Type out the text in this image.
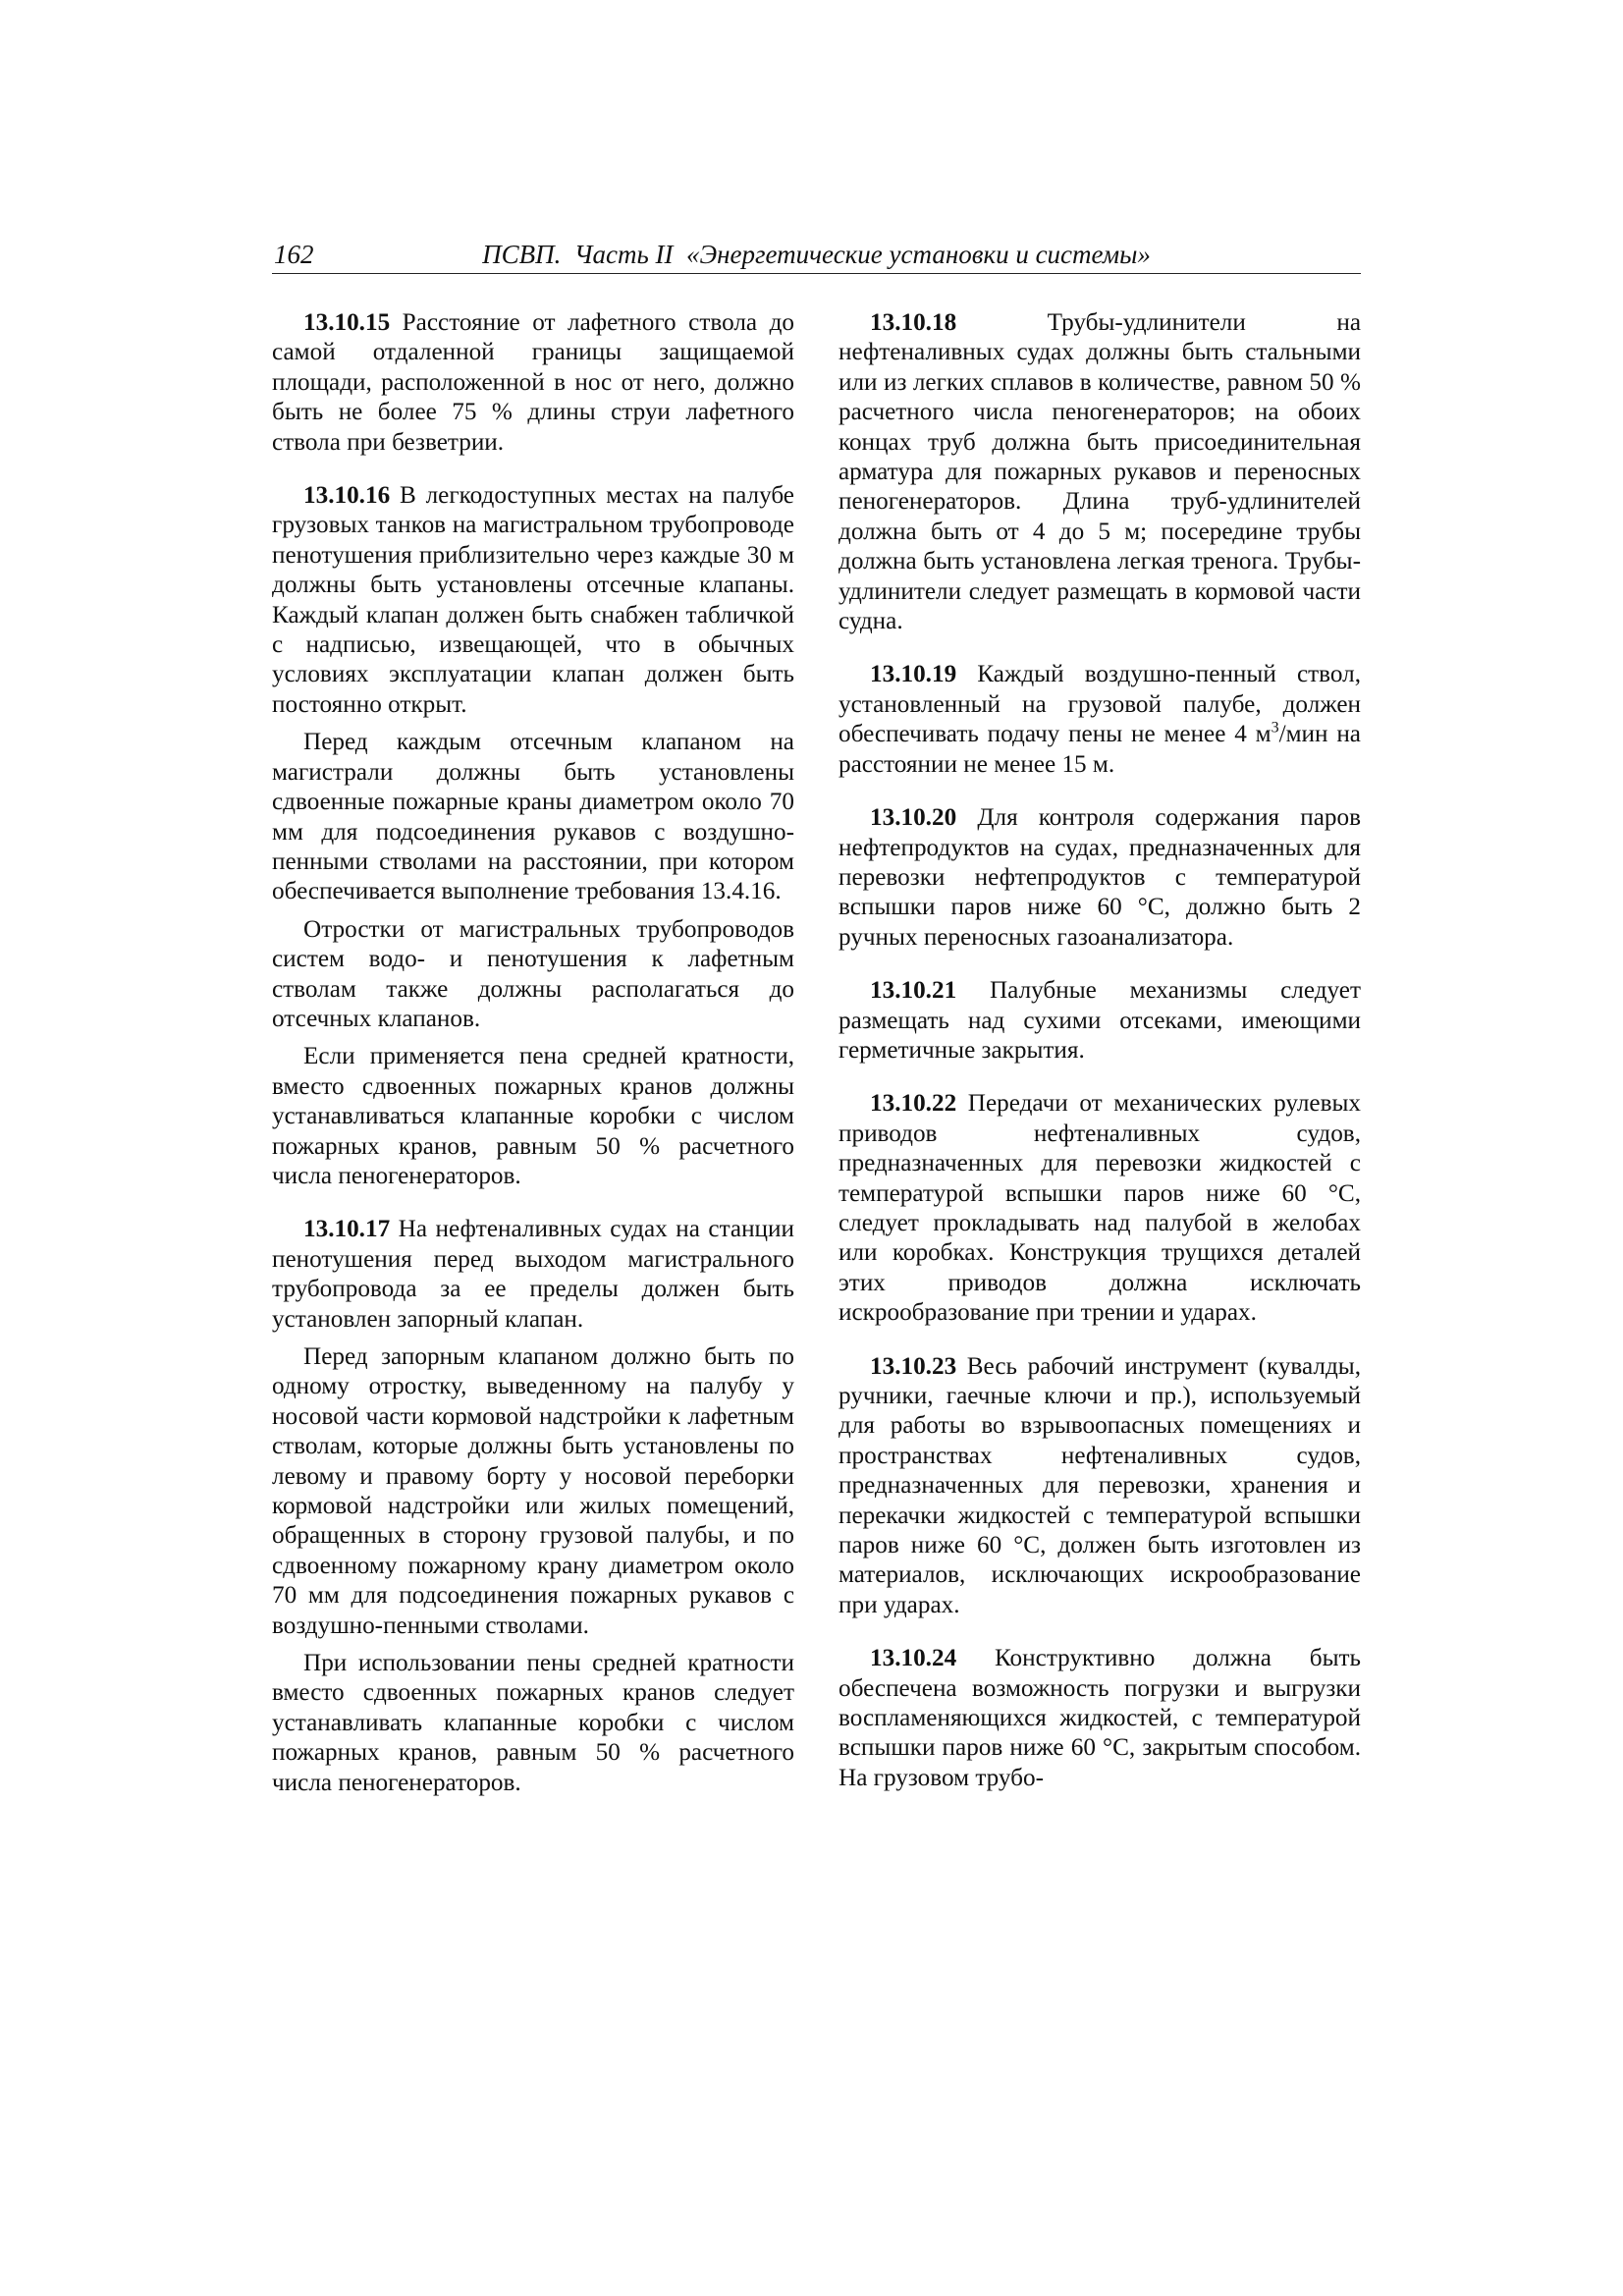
162	ПСВП.  Часть II  «Энергетические установки и системы»

13.10.15 Расстояние от лафетного ствола до самой отдаленной границы защищаемой площади, расположенной в нос от него, должно быть не более 75 % длины струи лафетного ствола при безветрии.

13.10.16 В легкодоступных местах на палубе грузовых танков на магистральном трубопроводе пенотушения приблизительно через каждые 30 м должны быть установлены отсечные клапаны. Каждый клапан должен быть снабжен табличкой с надписью, извещающей, что в обычных условиях эксплуатации клапан должен быть постоянно открыт.

Перед каждым отсечным клапаном на магистрали должны быть установлены сдвоенные пожарные краны диаметром около 70 мм для подсоединения рукавов с воздушно-пенными стволами на расстоянии, при котором обеспечивается выполнение требования 13.4.16.

Отростки от магистральных трубопроводов систем водо- и пенотушения к лафетным стволам также должны располагаться до отсечных клапанов.

Если применяется пена средней кратности, вместо сдвоенных пожарных кранов должны устанавливаться клапанные коробки с числом пожарных кранов, равным 50 % расчетного числа пеногенераторов.

13.10.17 На нефтеналивных судах на станции пенотушения перед выходом магистрального трубопровода за ее пределы должен быть установлен запорный клапан.

Перед запорным клапаном должно быть по одному отростку, выведенному на палубу у носовой части кормовой надстройки к лафетным стволам, которые должны быть установлены по левому и правому борту у носовой переборки кормовой надстройки или жилых помещений, обращенных в сторону грузовой палубы, и по сдвоенному пожарному крану диаметром около 70 мм для подсоединения пожарных рукавов с воздушно-пенными стволами.

При использовании пены средней кратности вместо сдвоенных пожарных кранов следует устанавливать клапанные коробки с числом пожарных кранов, равным 50 % расчетного числа пеногенераторов.

13.10.18 Трубы-удлинители на нефтеналивных судах должны быть стальными или из легких сплавов в количестве, равном 50 % расчетного числа пеногенераторов; на обоих концах труб должна быть присоединительная арматура для пожарных рукавов и переносных пеногенераторов. Длина труб-удлинителей должна быть от 4 до 5 м; посередине трубы должна быть установлена легкая тренога. Трубы-удлинители следует размещать в кормовой части судна.

13.10.19 Каждый воздушно-пенный ствол, установленный на грузовой палубе, должен обеспечивать подачу пены не менее 4 $м^3$/мин на расстоянии не менее 15 м.

13.10.20 Для контроля содержания паров нефтепродуктов на судах, предназначенных для перевозки нефтепродуктов с температурой вспышки паров ниже 60 °С, должно быть 2 ручных переносных газоанализатора.

13.10.21 Палубные механизмы следует размещать над сухими отсеками, имеющими герметичные закрытия.

13.10.22 Передачи от механических рулевых приводов нефтеналивных судов, предназначенных для перевозки жидкостей с температурой вспышки паров ниже 60 °С, следует прокладывать над палубой в желобах или коробках. Конструкция трущихся деталей этих приводов должна исключать искрообразование при трении и ударах.

13.10.23 Весь рабочий инструмент (кувалды, ручники, гаечные ключи и пр.), используемый для работы во взрывоопасных помещениях и пространствах нефтеналивных судов, предназначенных для перевозки, хранения и перекачки жидкостей с температурой вспышки паров ниже 60 °С, должен быть изготовлен из материалов, исключающих искрообразование при ударах.

13.10.24 Конструктивно должна быть обеспечена возможность погрузки и выгрузки воспламеняющихся жидкостей, с температурой вспышки паров ниже 60 °С, закрытым способом. На грузовом трубо-
